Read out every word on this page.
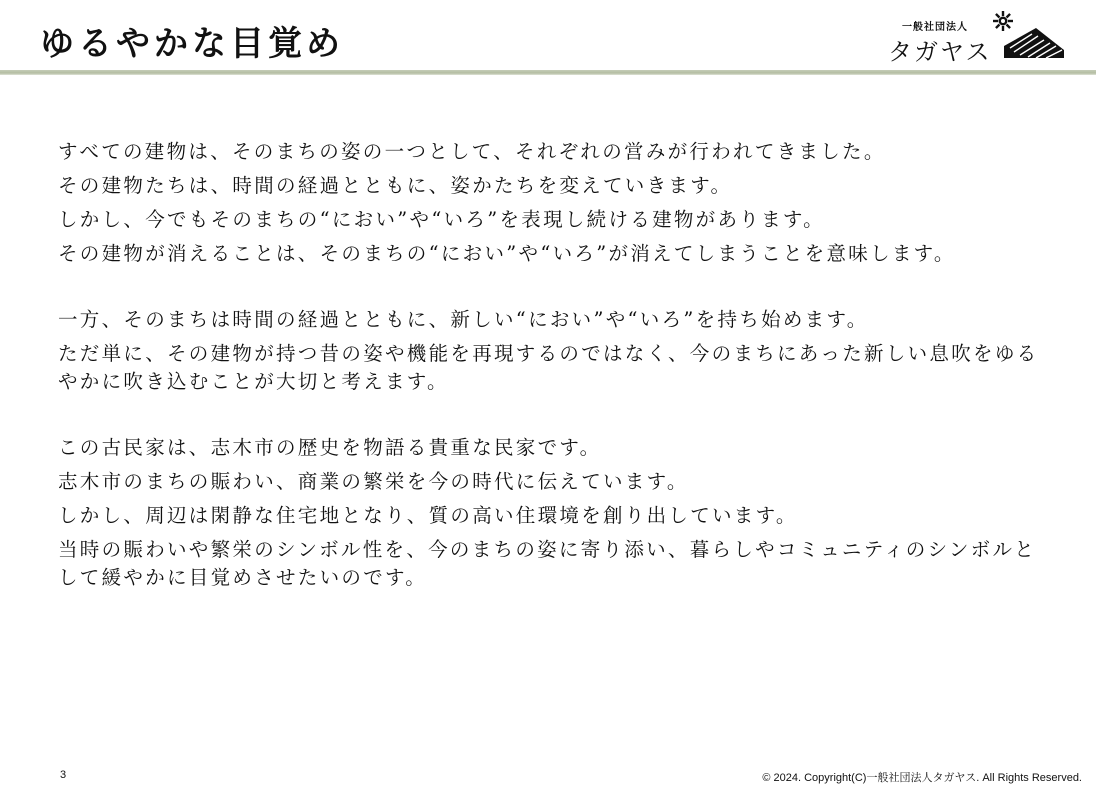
ゆるやかな目覚め	一般社団法人
タガヤス
すべての建物は、そのまちの姿の一つとして、それぞれの営みが行われてきました。
その建物たちは、時間の経過とともに、姿かたちを変えていきます。
しかし、今でもそのまちの“におい”や“いろ”を表現し続ける建物があります。
その建物が消えることは、そのまちの“におい”や“いろ”が消えてしまうことを意味します。
一方、そのまちは時間の経過とともに、新しい“におい”や“いろ”を持ち始めます。
ただ単に、その建物が持つ昔の姿や機能を再現するのではなく、今のまちにあった新しい息吹をゆるやかに吹き込むことが大切と考えます。
この古民家は、志木市の歴史を物語る貴重な民家です。
志木市のまちの賑わい、商業の繁栄を今の時代に伝えています。
しかし、周辺は閑静な住宅地となり、質の高い住環境を創り出しています。
当時の賑わいや繁栄のシンボル性を、今のまちの姿に寄り添い、暮らしやコミュニティのシンボルとして緩やかに目覚めさせたいのです。
3	© 2024. Copyright(C)一般社団法人タガヤス. All Rights Reserved.
